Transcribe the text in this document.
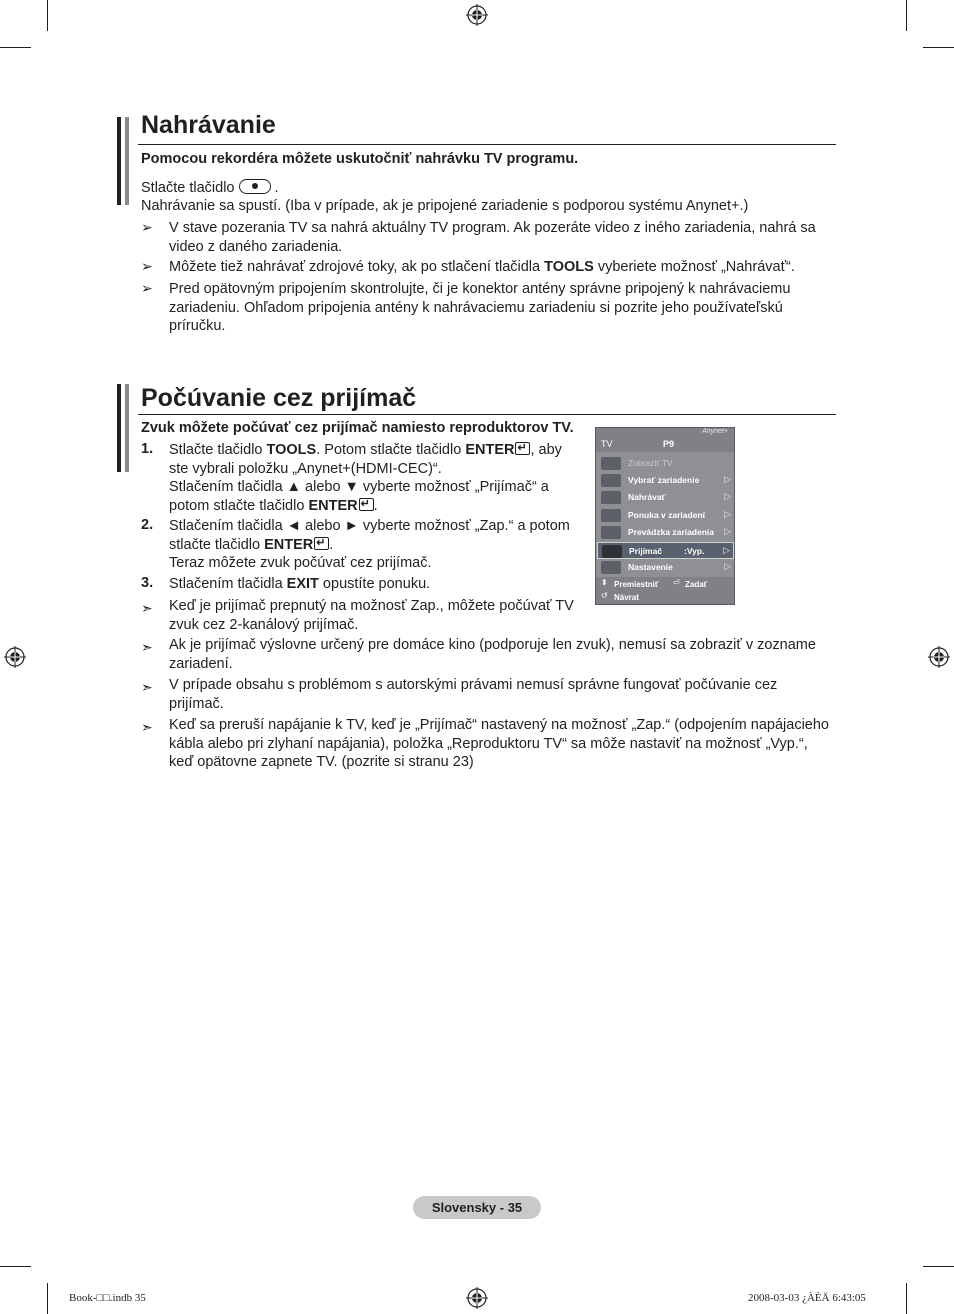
Nahrávanie
Pomocou rekordéra môžete uskutočniť nahrávku TV programu.
Stlačte tlačidlo	.
Nahrávanie sa spustí. (Iba v prípade, ak je pripojené zariadenie s podporou systému Anynet+.)
➢ V stave pozerania TV sa nahrá aktuálny TV program. Ak pozeráte video z iného zariadenia, nahrá sa video z daného zariadenia.
➢ Môžete tiež nahrávať zdrojové toky, ak po stlačení tlačidla TOOLS vyberiete možnosť „Nahrávať“.
➢ Pred opätovným pripojením skontrolujte, či je konektor antény správne pripojený k nahrávaciemu zariadeniu. Ohľadom pripojenia antény k nahrávaciemu zariadeniu si pozrite jeho používateľskú príručku.
Počúvanie cez prijímač
Zvuk môžete počúvať cez prijímač namiesto reproduktorov TV.
1. Stlačte tlačidlo TOOLS. Potom stlačte tlačidlo ENTER ↵ , aby ste vybrali položku „Anynet+(HDMI-CEC)“.
Stlačením tlačidla ▲ alebo ▼ vyberte možnosť „Prijímač“ a potom stlačte tlačidlo ENTER ↵ .
2. Stlačením tlačidla ◄ alebo ► vyberte možnosť „Zap.“ a potom stlačte tlačidlo ENTER ↵ .
Teraz môžete zvuk počúvať cez prijímač.
3. Stlačením tlačidla EXIT opustíte ponuku.
➣ Keď je prijímač prepnutý na možnosť Zap., môžete počúvať TV zvuk cez 2-kanálový prijímač.
➣ Ak je prijímač výslovne určený pre domáce kino (podporuje len zvuk), nemusí sa zobraziť v zozname zariadení.
➣ V prípade obsahu s problémom s autorskými právami nemusí správne fungovať počúvanie cez prijímač.
➣ Keď sa preruší napájanie k TV, keď je „Prijímač“ nastavený na možnosť „Zap.“ (odpojením napájacieho kábla alebo pri zlyhaní napájania), položka „Reproduktoru TV“ sa môže nastaviť na možnosť „Vyp.“, keď opätovne zapnete TV. (pozrite si stranu 23)
TV	P9
Anynet+
Zobraziť TV
Vybrať zariadenie	▷
Nahrávať	▷
Ponuka v zariadení ▷
Prevádzka zariadenia ▷
Prijímač	:Vyp. ▷
Nastavenie	▷
⬍ Premiestniť ⏎ Zadať
↺ Návrat
Slovensky - 35
Book-□□.indb 35	2008-03-03 ¿ÀÈÄ 6:43:05
